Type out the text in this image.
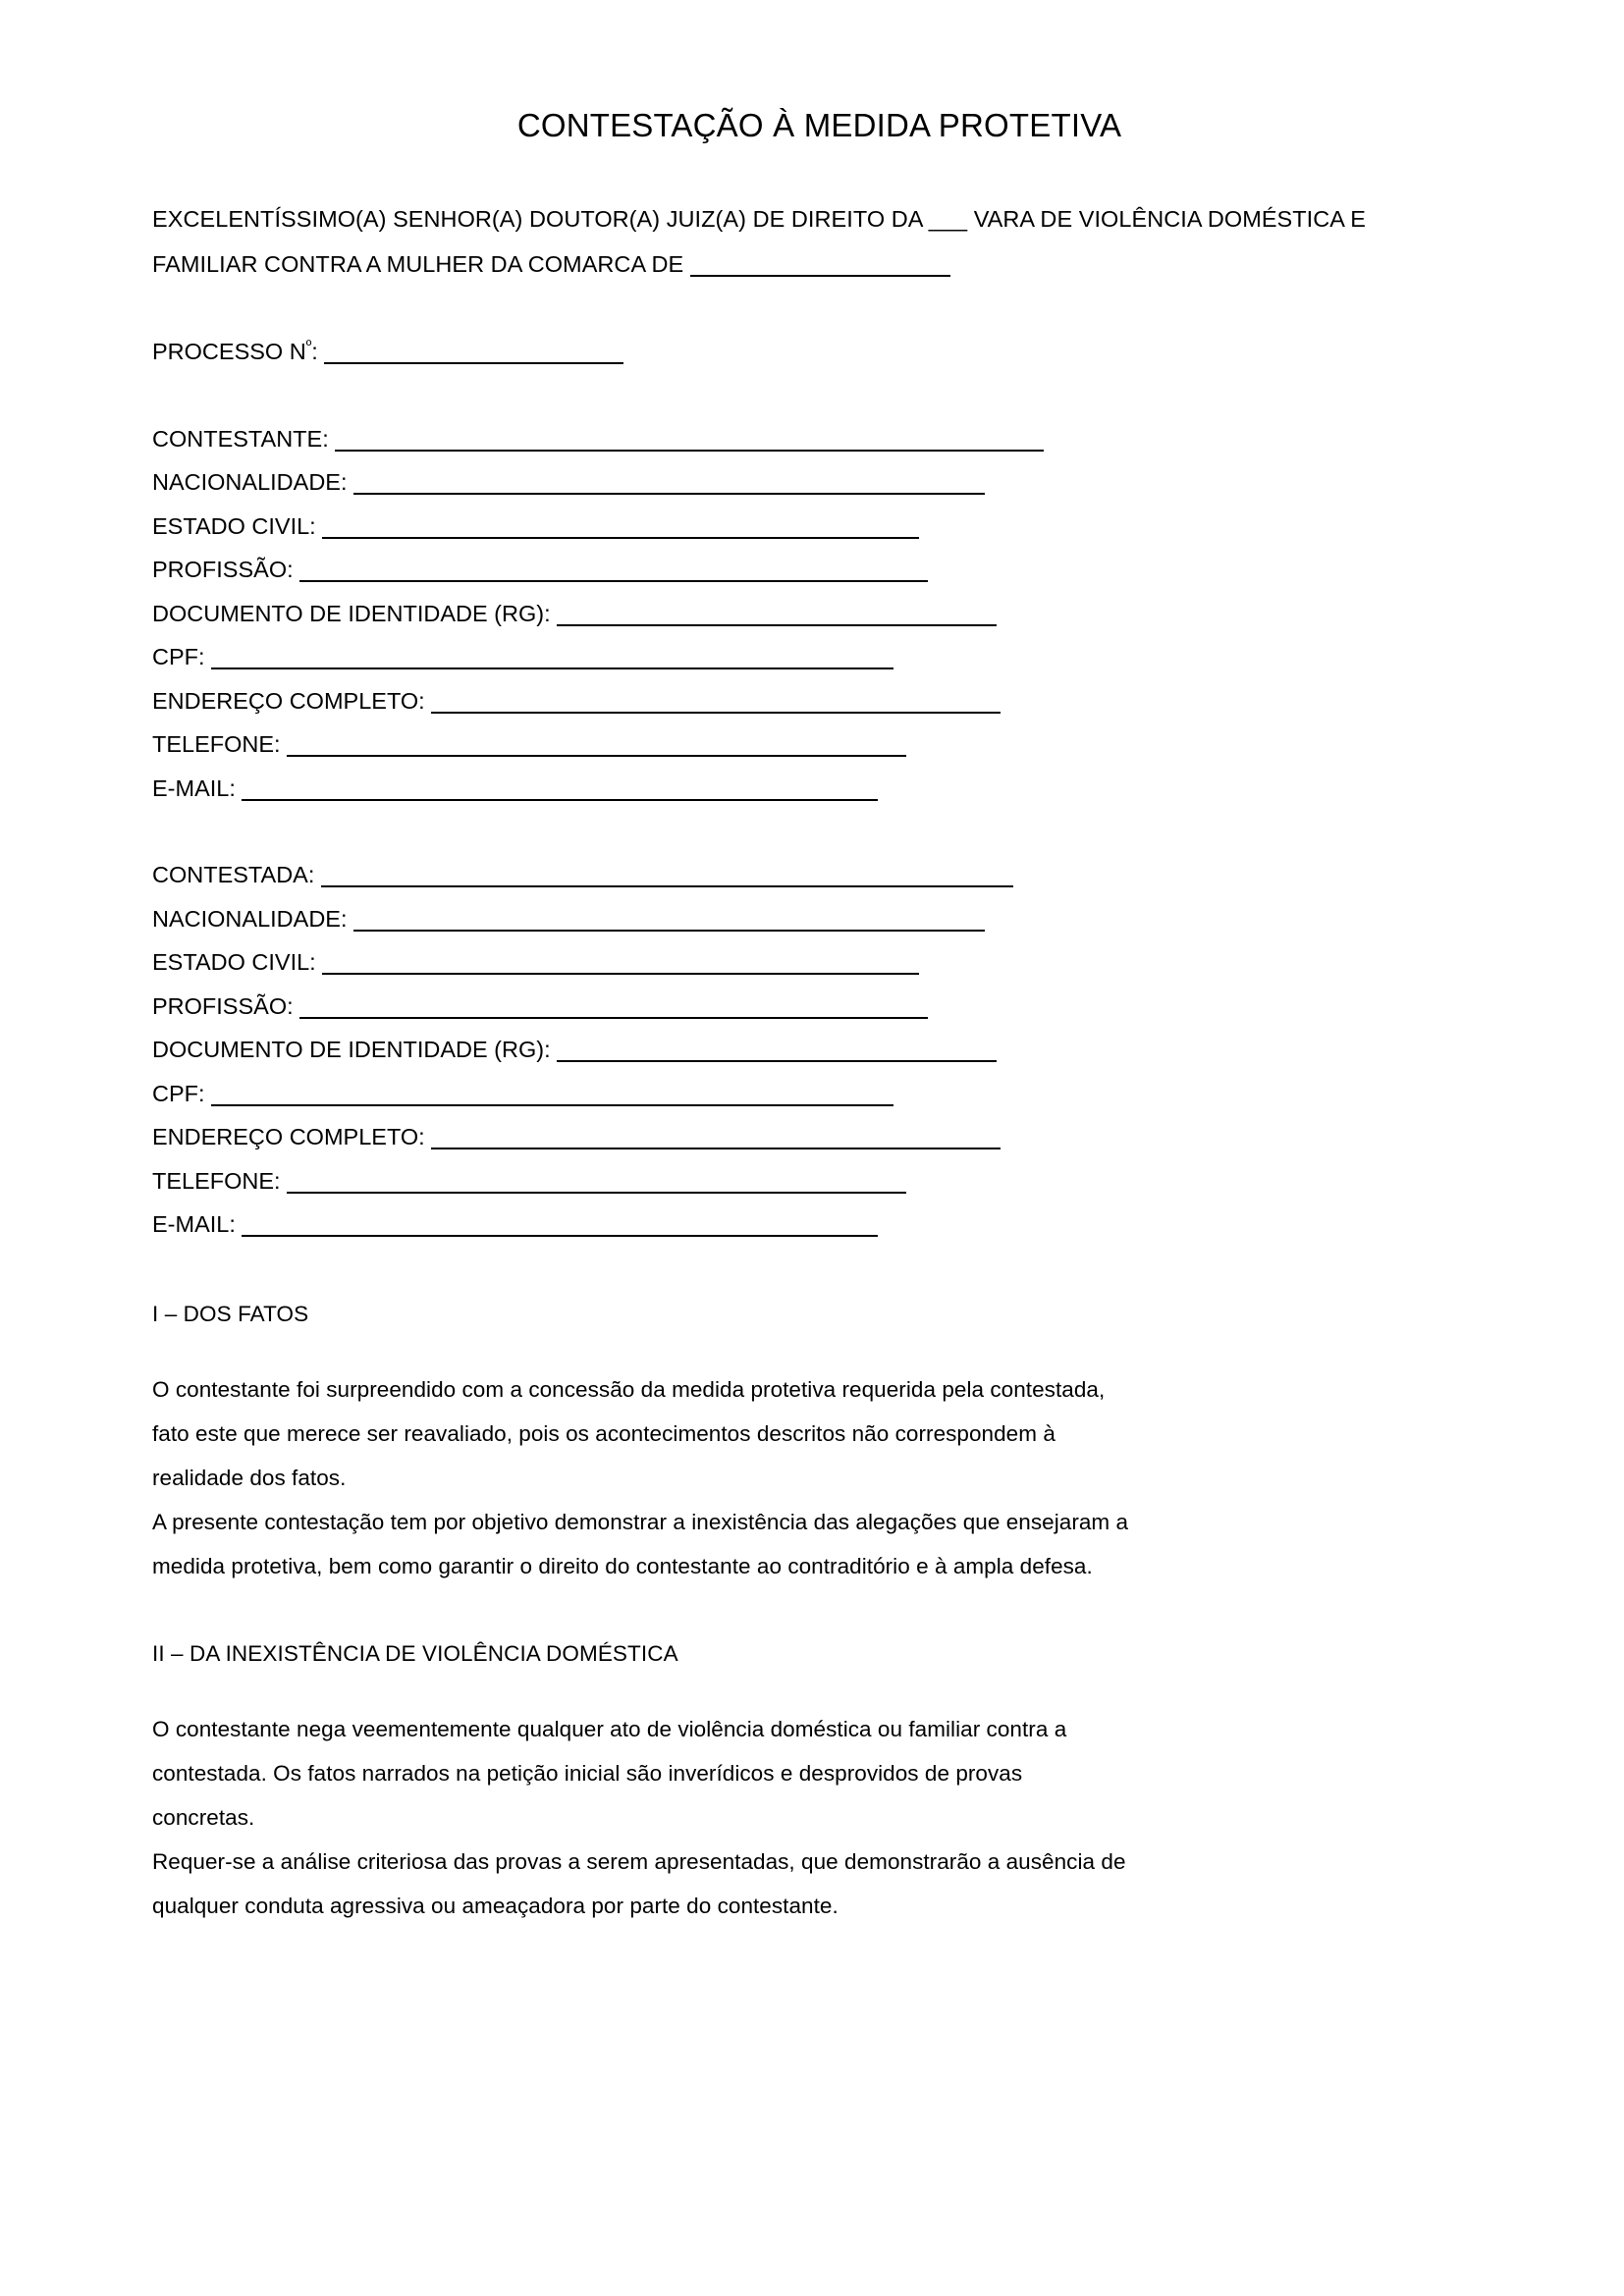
CONTESTAÇÃO À MEDIDA PROTETIVA
EXCELENTÍSSIMO(A) SENHOR(A) DOUTOR(A) JUIZ(A) DE DIREITO DA ___ VARA DE VIOLÊNCIA DOMÉSTICA E
FAMILIAR CONTRA A MULHER DA COMARCA DE
PROCESSO $N^º$:
CONTESTANTE:
NACIONALIDADE:
ESTADO CIVIL:
PROFISSÃO:
DOCUMENTO DE IDENTIDADE (RG):
CPF:
ENDEREÇO COMPLETO:
TELEFONE:
E-MAIL:
CONTESTADA:
NACIONALIDADE:
ESTADO CIVIL:
PROFISSÃO:
DOCUMENTO DE IDENTIDADE (RG):
CPF:
ENDEREÇO COMPLETO:
TELEFONE:
E-MAIL:
I – DOS FATOS
O contestante foi surpreendido com a concessão da medida protetiva requerida pela contestada,
fato este que merece ser reavaliado, pois os acontecimentos descritos não correspondem à
realidade dos fatos.
A presente contestação tem por objetivo demonstrar a inexistência das alegações que ensejaram a
medida protetiva, bem como garantir o direito do contestante ao contraditório e à ampla defesa.
II – DA INEXISTÊNCIA DE VIOLÊNCIA DOMÉSTICA
O contestante nega veementemente qualquer ato de violência doméstica ou familiar contra a
contestada. Os fatos narrados na petição inicial são inverídicos e desprovidos de provas
concretas.
Requer-se a análise criteriosa das provas a serem apresentadas, que demonstrarão a ausência de
qualquer conduta agressiva ou ameaçadora por parte do contestante.
